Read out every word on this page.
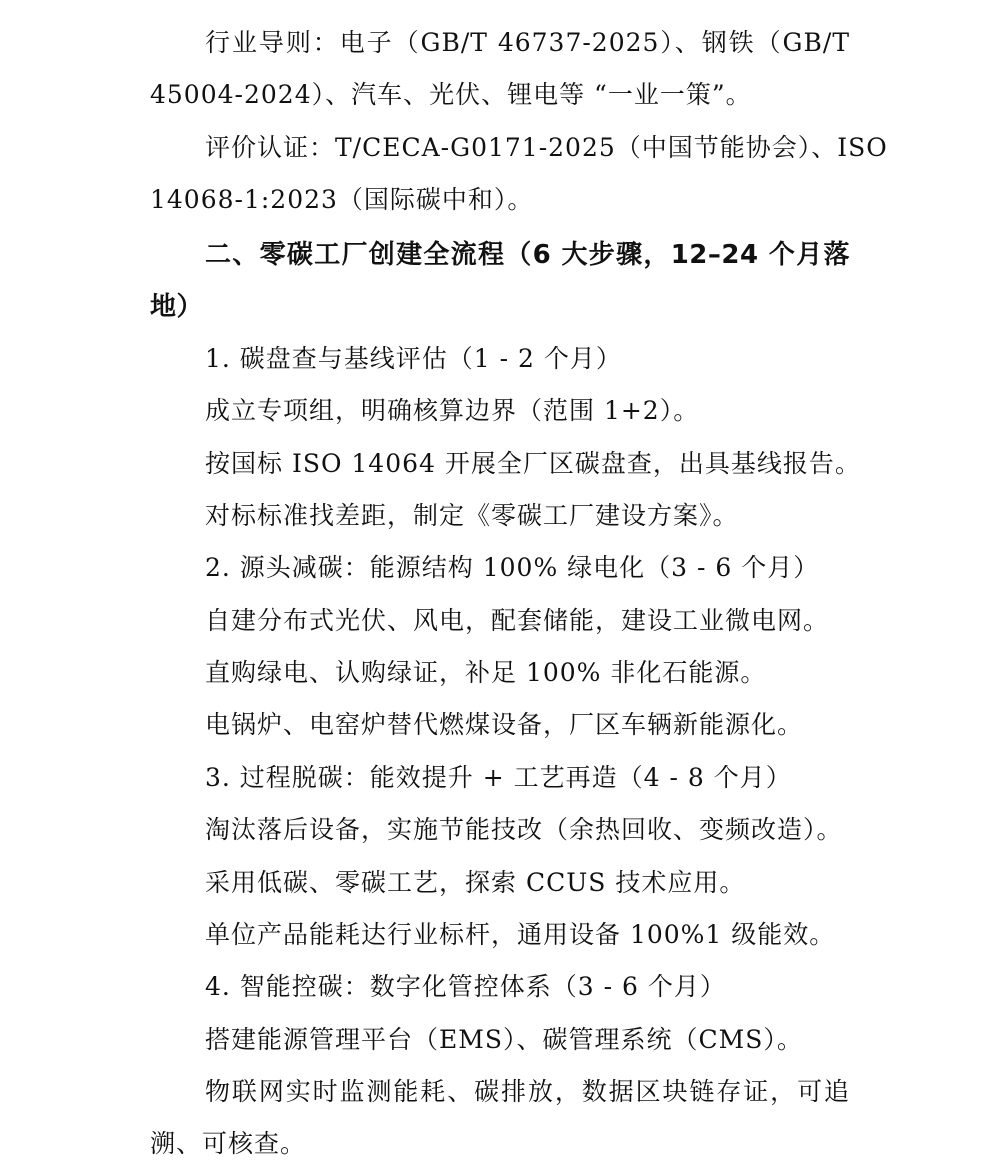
行业导则：电子（GB/T 46737-2025）、钢铁（GB/T
45004-2024）、汽车、光伏、锂电等 “一业一策”。
评价认证：T/CECA-G0171-2025（中国节能协会）、ISO
14068-1:2023（国际碳中和）。
二、零碳工厂创建全流程（6 大步骤，12–24 个月落
地）
1. 碳盘查与基线评估（1 - 2 个月）
成立专项组，明确核算边界（范围 1+2）。
按国标 ISO 14064 开展全厂区碳盘查，出具基线报告。
对标标准找差距，制定《零碳工厂建设方案》。
2. 源头减碳：能源结构 100% 绿电化（3 - 6 个月）
自建分布式光伏、风电，配套储能，建设工业微电网。
直购绿电、认购绿证，补足 100% 非化石能源。
电锅炉、电窑炉替代燃煤设备，厂区车辆新能源化。
3. 过程脱碳：能效提升 + 工艺再造（4 - 8 个月）
淘汰落后设备，实施节能技改（余热回收、变频改造）。
采用低碳、零碳工艺，探索 CCUS 技术应用。
单位产品能耗达行业标杆，通用设备 100%1 级能效。
4. 智能控碳：数字化管控体系（3 - 6 个月）
搭建能源管理平台（EMS）、碳管理系统（CMS）。
物联网实时监测能耗、碳排放，数据区块链存证，可追
溯、可核查。
